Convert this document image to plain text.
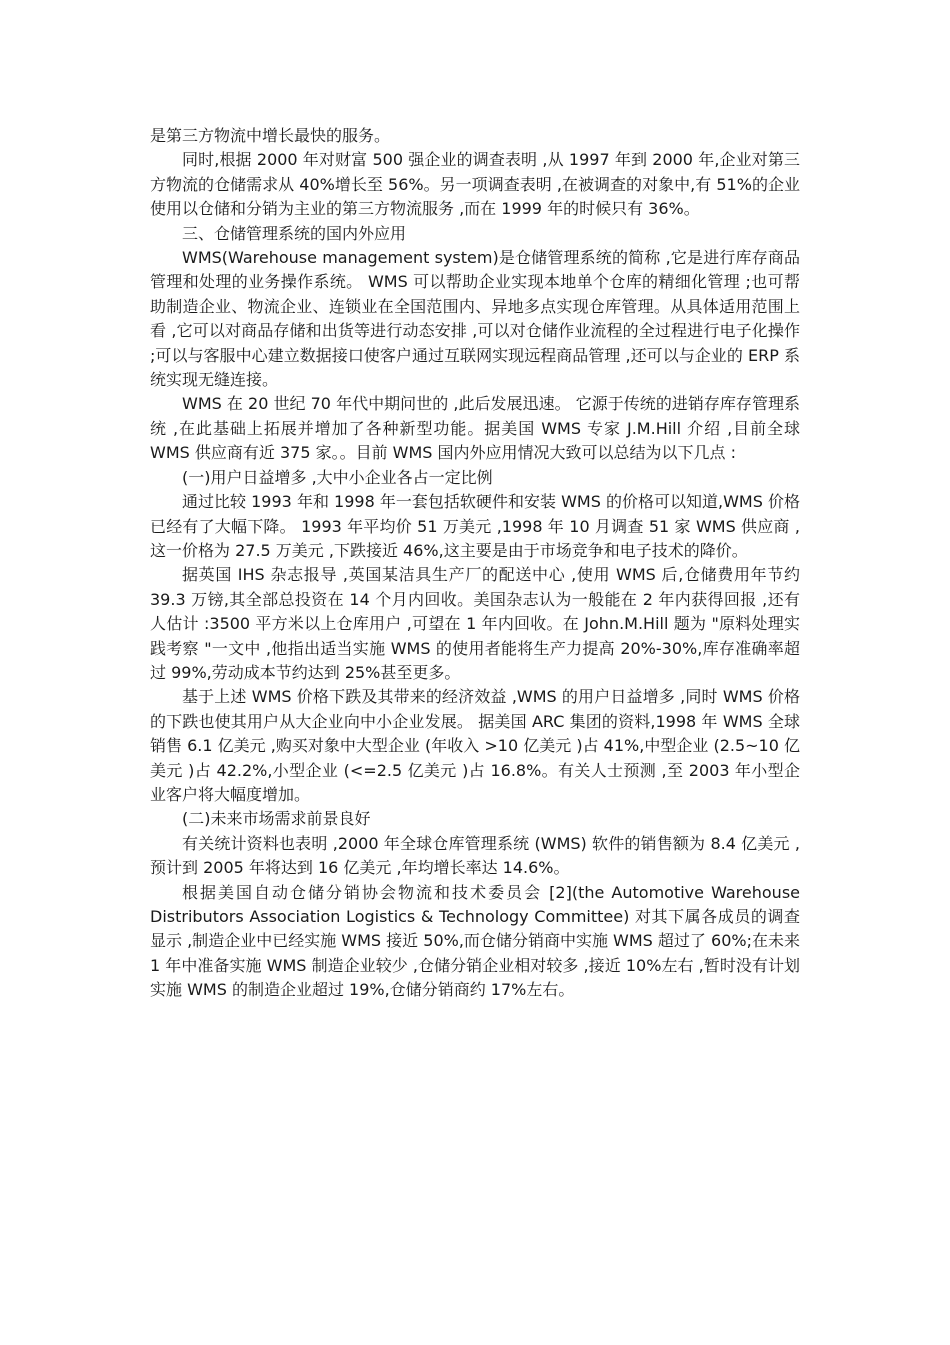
是第三方物流中增长最快的服务。

同时,根据 2000 年对财富 500 强企业的调查表明 ,从 1997 年到 2000 年,企业对第三方物流的仓储需求从 40%增长至 56%。另一项调查表明 ,在被调查的对象中,有 51%的企业使用以仓储和分销为主业的第三方物流服务 ,而在 1999 年的时候只有 36%。

三、仓储管理系统的国内外应用

WMS(Warehouse management system)是仓储管理系统的简称 ,它是进行库存商品管理和处理的业务操作系统。 WMS 可以帮助企业实现本地单个仓库的精细化管理 ;也可帮助制造企业、物流企业、连锁业在全国范围内、异地多点实现仓库管理。从具体适用范围上看 ,它可以对商品存储和出货等进行动态安排 ,可以对仓储作业流程的全过程进行电子化操作 ;可以与客服中心建立数据接口使客户通过互联网实现远程商品管理 ,还可以与企业的 ERP 系统实现无缝连接。

WMS 在 20 世纪 70 年代中期问世的 ,此后发展迅速。 它源于传统的进销存库存管理系统 ,在此基础上拓展并增加了各种新型功能。据美国 WMS 专家 J.M.Hill 介绍 ,目前全球 WMS 供应商有近 375 家。。目前 WMS 国内外应用情况大致可以总结为以下几点 :

(一)用户日益增多 ,大中小企业各占一定比例

通过比较 1993 年和 1998 年一套包括软硬件和安装 WMS 的价格可以知道,WMS 价格已经有了大幅下降。 1993 年平均价 51 万美元 ,1998 年 10 月调查 51 家 WMS 供应商 ,这一价格为 27.5 万美元 ,下跌接近 46%,这主要是由于市场竞争和电子技术的降价。

据英国 IHS 杂志报导 ,英国某洁具生产厂的配送中心 ,使用 WMS 后,仓储费用年节约 39.3 万镑,其全部总投资在 14 个月内回收。美国杂志认为一般能在 2 年内获得回报 ,还有人估计 :3500 平方米以上仓库用户 ,可望在 1 年内回收。在 John.M.Hill 题为 "原料处理实践考察 "一文中 ,他指出适当实施 WMS 的使用者能将生产力提高 20%-30%,库存准确率超过 99%,劳动成本节约达到 25%甚至更多。

基于上述 WMS 价格下跌及其带来的经济效益 ,WMS 的用户日益增多 ,同时 WMS 价格的下跌也使其用户从大企业向中小企业发展。 据美国 ARC 集团的资料,1998 年 WMS 全球销售 6.1 亿美元 ,购买对象中大型企业 (年收入 >10 亿美元 )占 41%,中型企业 (2.5~10 亿美元 )占 42.2%,小型企业 (<=2.5 亿美元 )占 16.8%。有关人士预测 ,至 2003 年小型企业客户将大幅度增加。

(二)未来市场需求前景良好

有关统计资料也表明 ,2000 年全球仓库管理系统 (WMS) 软件的销售额为 8.4 亿美元 ,预计到 2005 年将达到 16 亿美元 ,年均增长率达 14.6%。

根据美国自动仓储分销协会物流和技术委员会 [2](the Automotive Warehouse Distributors Association Logistics & Technology Committee) 对其下属各成员的调查显示 ,制造企业中已经实施 WMS 接近 50%,而仓储分销商中实施 WMS 超过了 60%;在未来 1 年中准备实施 WMS 制造企业较少 ,仓储分销企业相对较多 ,接近 10%左右 ,暂时没有计划实施 WMS 的制造企业超过 19%,仓储分销商约 17%左右。
